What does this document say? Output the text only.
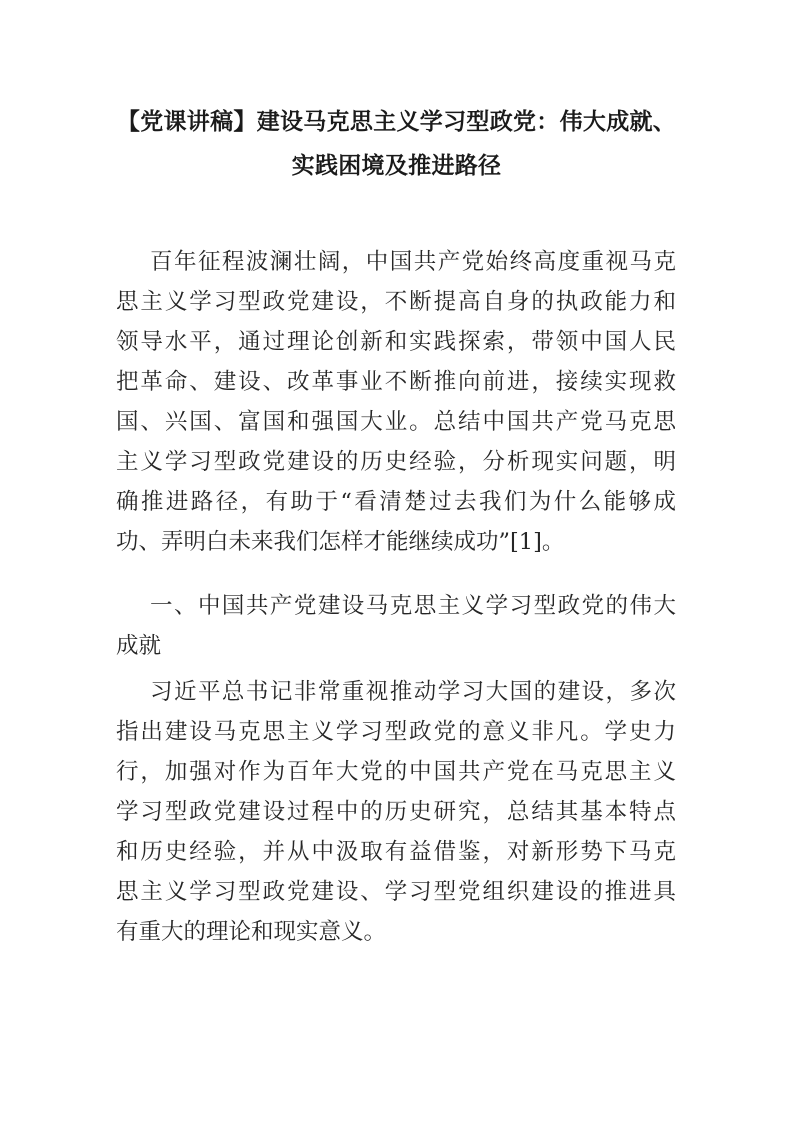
【党课讲稿】建设马克思主义学习型政党：伟大成就、
实践困境及推进路径
百年征程波澜壮阔，中国共产党始终高度重视马克
思主义学习型政党建设，不断提高自身的执政能力和
领导水平，通过理论创新和实践探索，带领中国人民
把革命、建设、改革事业不断推向前进，接续实现救
国、兴国、富国和强国大业。总结中国共产党马克思
主义学习型政党建设的历史经验，分析现实问题，明
确推进路径，有助于“看清楚过去我们为什么能够成
功、弄明白未来我们怎样才能继续成功”[1]。
一、中国共产党建设马克思主义学习型政党的伟大
成就
习近平总书记非常重视推动学习大国的建设，多次
指出建设马克思主义学习型政党的意义非凡。学史力
行，加强对作为百年大党的中国共产党在马克思主义
学习型政党建设过程中的历史研究，总结其基本特点
和历史经验，并从中汲取有益借鉴，对新形势下马克
思主义学习型政党建设、学习型党组织建设的推进具
有重大的理论和现实意义。
